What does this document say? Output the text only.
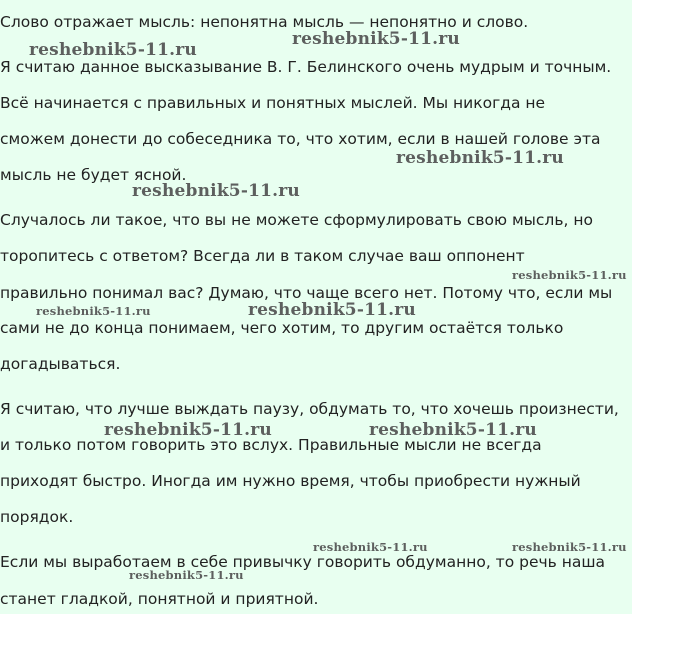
Слово отражает мысль: непонятна мысль — непонятно и слово.

Я считаю данное высказывание В. Г. Белинского очень мудрым и точным.

Всё начинается с правильных и понятных мыслей. Мы никогда не

сможем донести до собеседника то, что хотим, если в нашей голове эта

мысль не будет ясной.

Случалось ли такое, что вы не можете сформулировать свою мысль, но

торопитесь с ответом? Всегда ли в таком случае ваш оппонент

правильно понимал вас? Думаю, что чаще всего нет. Потому что, если мы

сами не до конца понимаем, чего хотим, то другим остаётся только

догадываться.

Я считаю, что лучше выждать паузу, обдумать то, что хочешь произнести,

и только потом говорить это вслух. Правильные мысли не всегда

приходят быстро. Иногда им нужно время, чтобы приобрести нужный

порядок.

Если мы выработаем в себе привычку говорить обдуманно, то речь наша

станет гладкой, понятной и приятной.

reshebnik5-11.ru
reshebnik5-11.ru
reshebnik5-11.ru
reshebnik5-11.ru
reshebnik5-11.ru
reshebnik5-11.ru	reshebnik5-11.ru
reshebnik5-11.ru	reshebnik5-11.ru
reshebnik5-11.ru	reshebnik5-11.ru
reshebnik5-11.ru
